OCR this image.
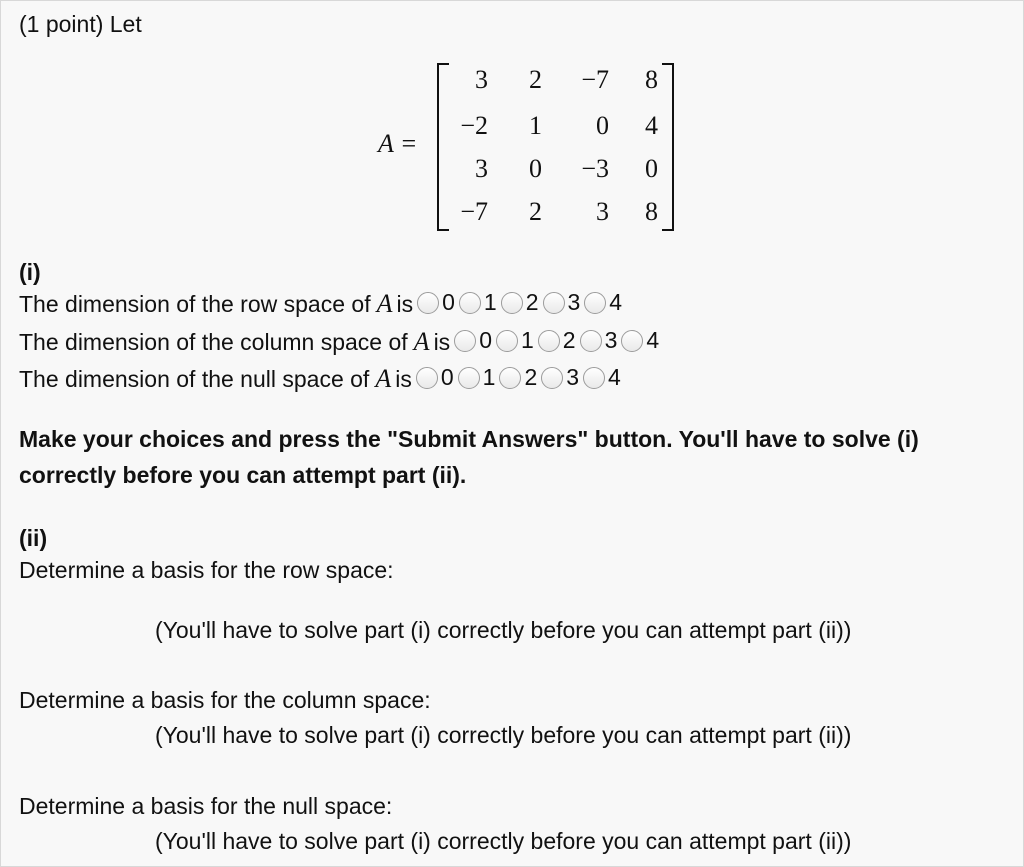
(1 point) Let
A =
3	2	−7	8
−2	1	0	4
3	0	−3	0
−7	2	3	8
(i)
The dimension of the row space of A is 0 1 2 3 4
The dimension of the column space of A is 0 1 2 3 4
The dimension of the null space of A is 0 1 2 3 4
Make your choices and press the "Submit Answers" button. You'll have to solve (i)
correctly before you can attempt part (ii).
(ii)
Determine a basis for the row space:
(You'll have to solve part (i) correctly before you can attempt part (ii))
Determine a basis for the column space:
(You'll have to solve part (i) correctly before you can attempt part (ii))
Determine a basis for the null space:
(You'll have to solve part (i) correctly before you can attempt part (ii))
